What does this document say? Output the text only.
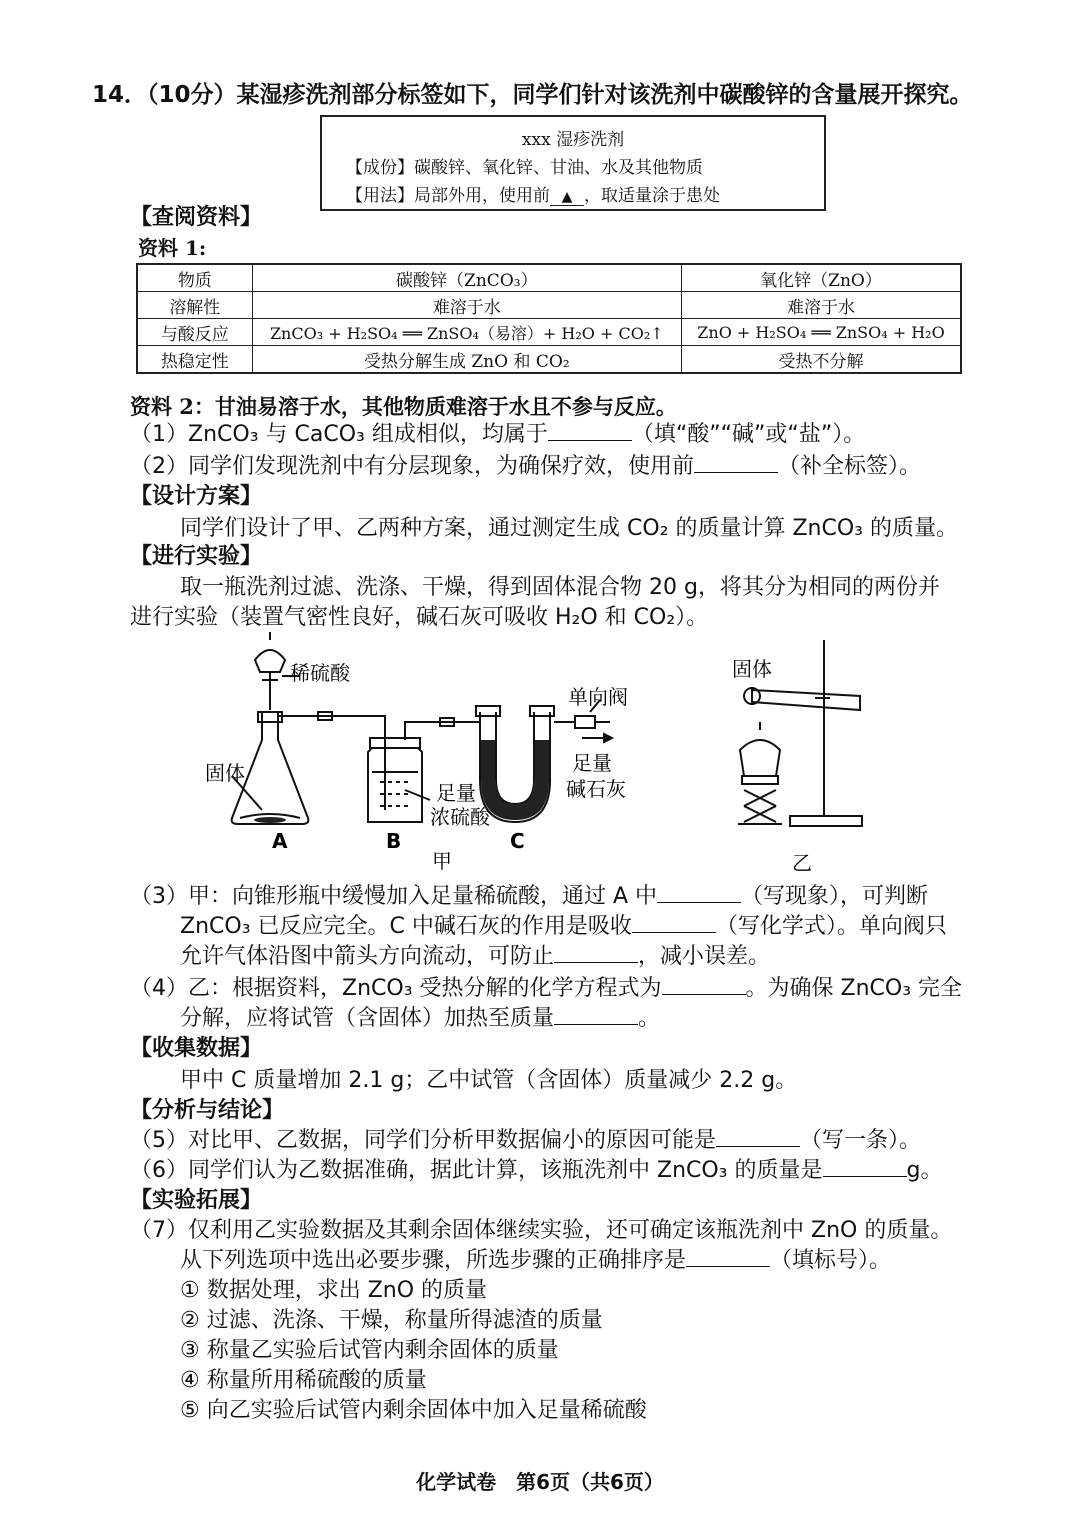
14．（10分）某湿疹洗剂部分标签如下，同学们针对该洗剂中碳酸锌的含量展开探究。
xxx 湿疹洗剂
【成份】碳酸锌、氧化锌、甘油、水及其他物质
【用法】局部外用，使用前 ▲ ，取适量涂于患处
【查阅资料】
资料 1:
物质	碳酸锌（ZnCO₃）	氧化锌（ZnO）
溶解性	难溶于水	难溶于水
与酸反应	ZnCO₃ + H₂SO₄ ══ ZnSO₄（易溶）+ H₂O + CO₂↑	ZnO + H₂SO₄ ══ ZnSO₄ + H₂O
热稳定性	受热分解生成 ZnO 和 CO₂	受热不分解
资料 2：甘油易溶于水，其他物质难溶于水且不参与反应。
（1）ZnCO₃ 与 CaCO₃ 组成相似，均属于	（填“酸”“碱”或“盐”）。
（2）同学们发现洗剂中有分层现象，为确保疗效，使用前	（补全标签）。
【设计方案】
同学们设计了甲、乙两种方案，通过测定生成 CO₂ 的质量计算 ZnCO₃ 的质量。
【进行实验】
取一瓶洗剂过滤、洗涤、干燥，得到固体混合物 20 g，将其分为相同的两份并
进行实验（装置气密性良好，碱石灰可吸收 H₂O 和 CO₂）。
稀硫酸
固体
单向阀
足量
碱石灰
足量
浓硫酸
A	B	C
甲
固体
乙
（3）甲：向锥形瓶中缓慢加入足量稀硫酸，通过 A 中	（写现象），可判断
ZnCO₃ 已反应完全。C 中碱石灰的作用是吸收	（写化学式）。单向阀只
允许气体沿图中箭头方向流动，可防止	，减小误差。
（4）乙：根据资料，ZnCO₃ 受热分解的化学方程式为	。为确保 ZnCO₃ 完全
分解，应将试管（含固体）加热至质量	。
【收集数据】
甲中 C 质量增加 2.1 g；乙中试管（含固体）质量减少 2.2 g。
【分析与结论】
（5）对比甲、乙数据，同学们分析甲数据偏小的原因可能是	（写一条）。
（6）同学们认为乙数据准确，据此计算，该瓶洗剂中 ZnCO₃ 的质量是	g。
【实验拓展】
（7）仅利用乙实验数据及其剩余固体继续实验，还可确定该瓶洗剂中 ZnO 的质量。
从下列选项中选出必要步骤，所选步骤的正确排序是	（填标号）。
① 数据处理，求出 ZnO 的质量
② 过滤、洗涤、干燥，称量所得滤渣的质量
③ 称量乙实验后试管内剩余固体的质量
④ 称量所用稀硫酸的质量
⑤ 向乙实验后试管内剩余固体中加入足量稀硫酸
化学试卷　第6页（共6页）
